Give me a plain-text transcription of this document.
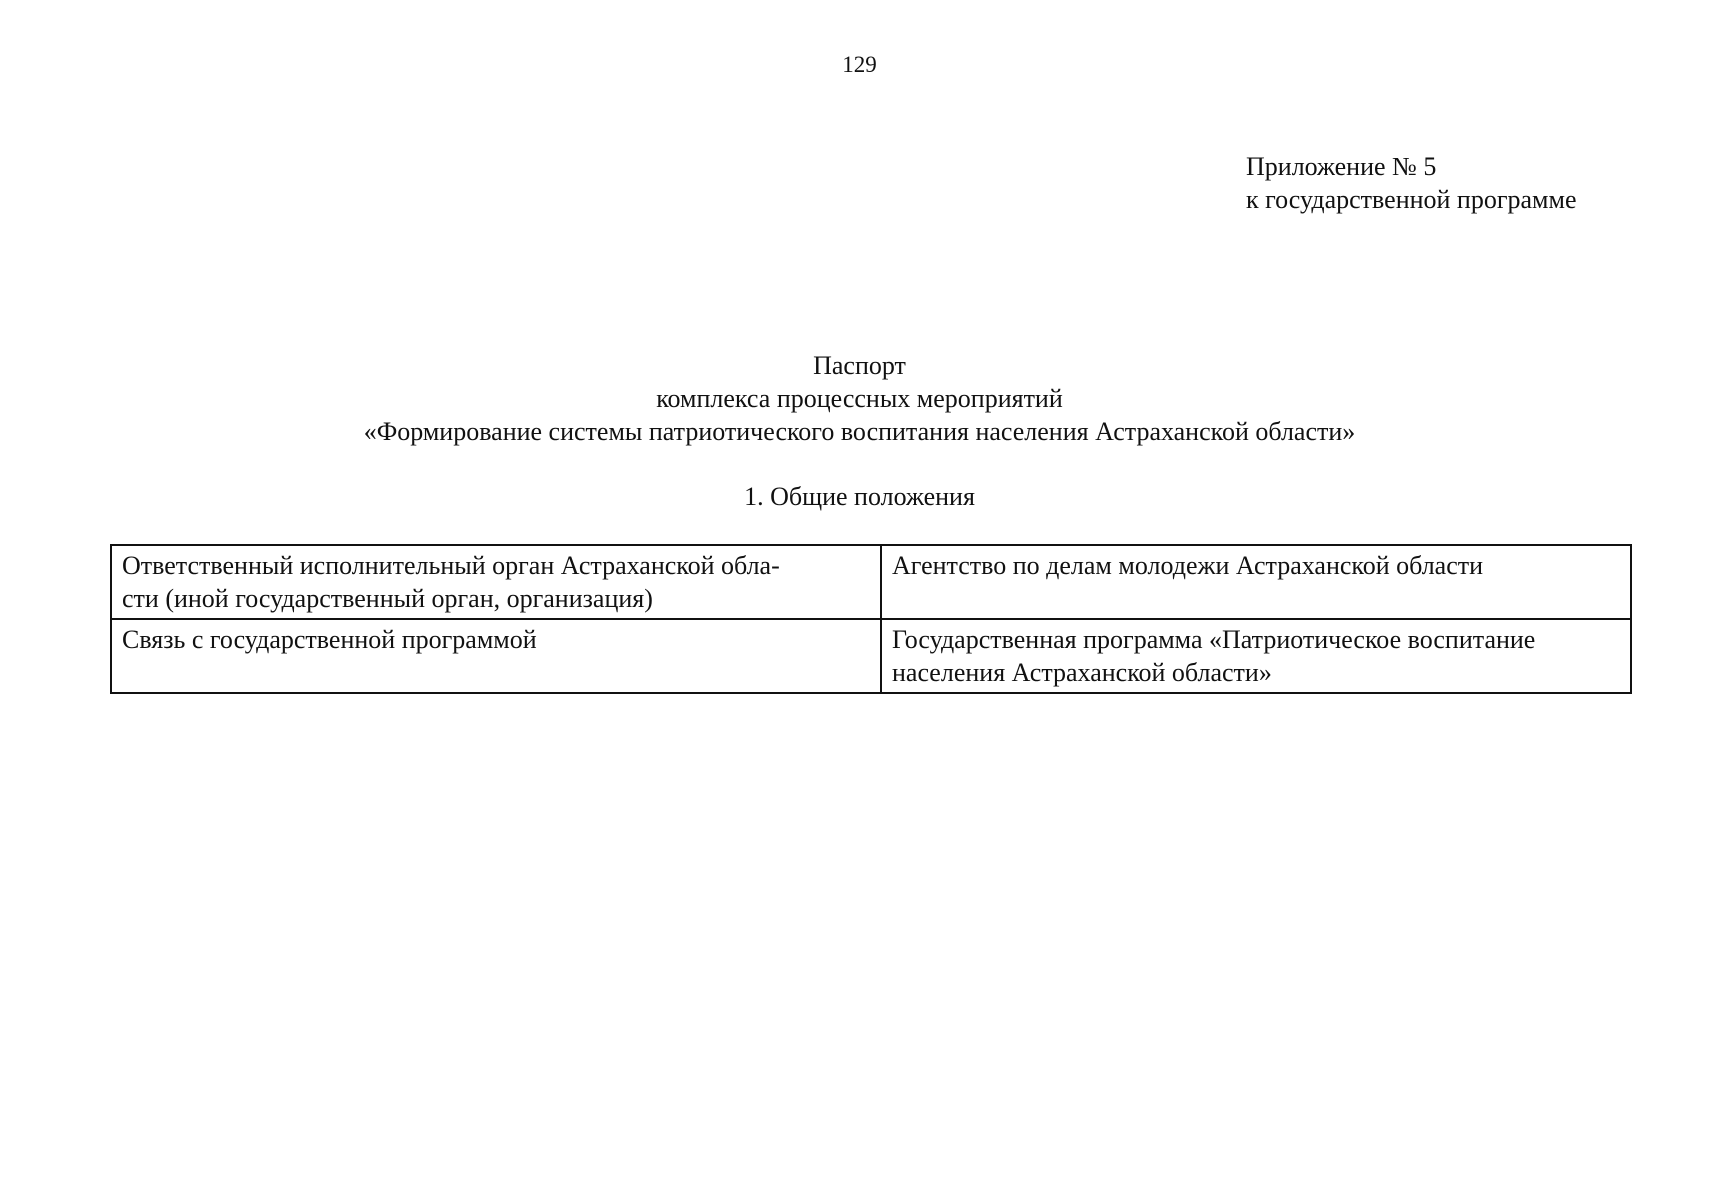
129
Приложение № 5
к государственной программе
Паспорт
комплекса процессных мероприятий
«Формирование системы патриотического воспитания населения Астраханской области»
1. Общие положения
Ответственный исполнительный орган Астраханской обла-
сти (иной государственный орган, организация)	Агентство по делам молодежи Астраханской области

Связь с государственной программой	Государственная программа «Патриотическое воспитание
населения Астраханской области»
